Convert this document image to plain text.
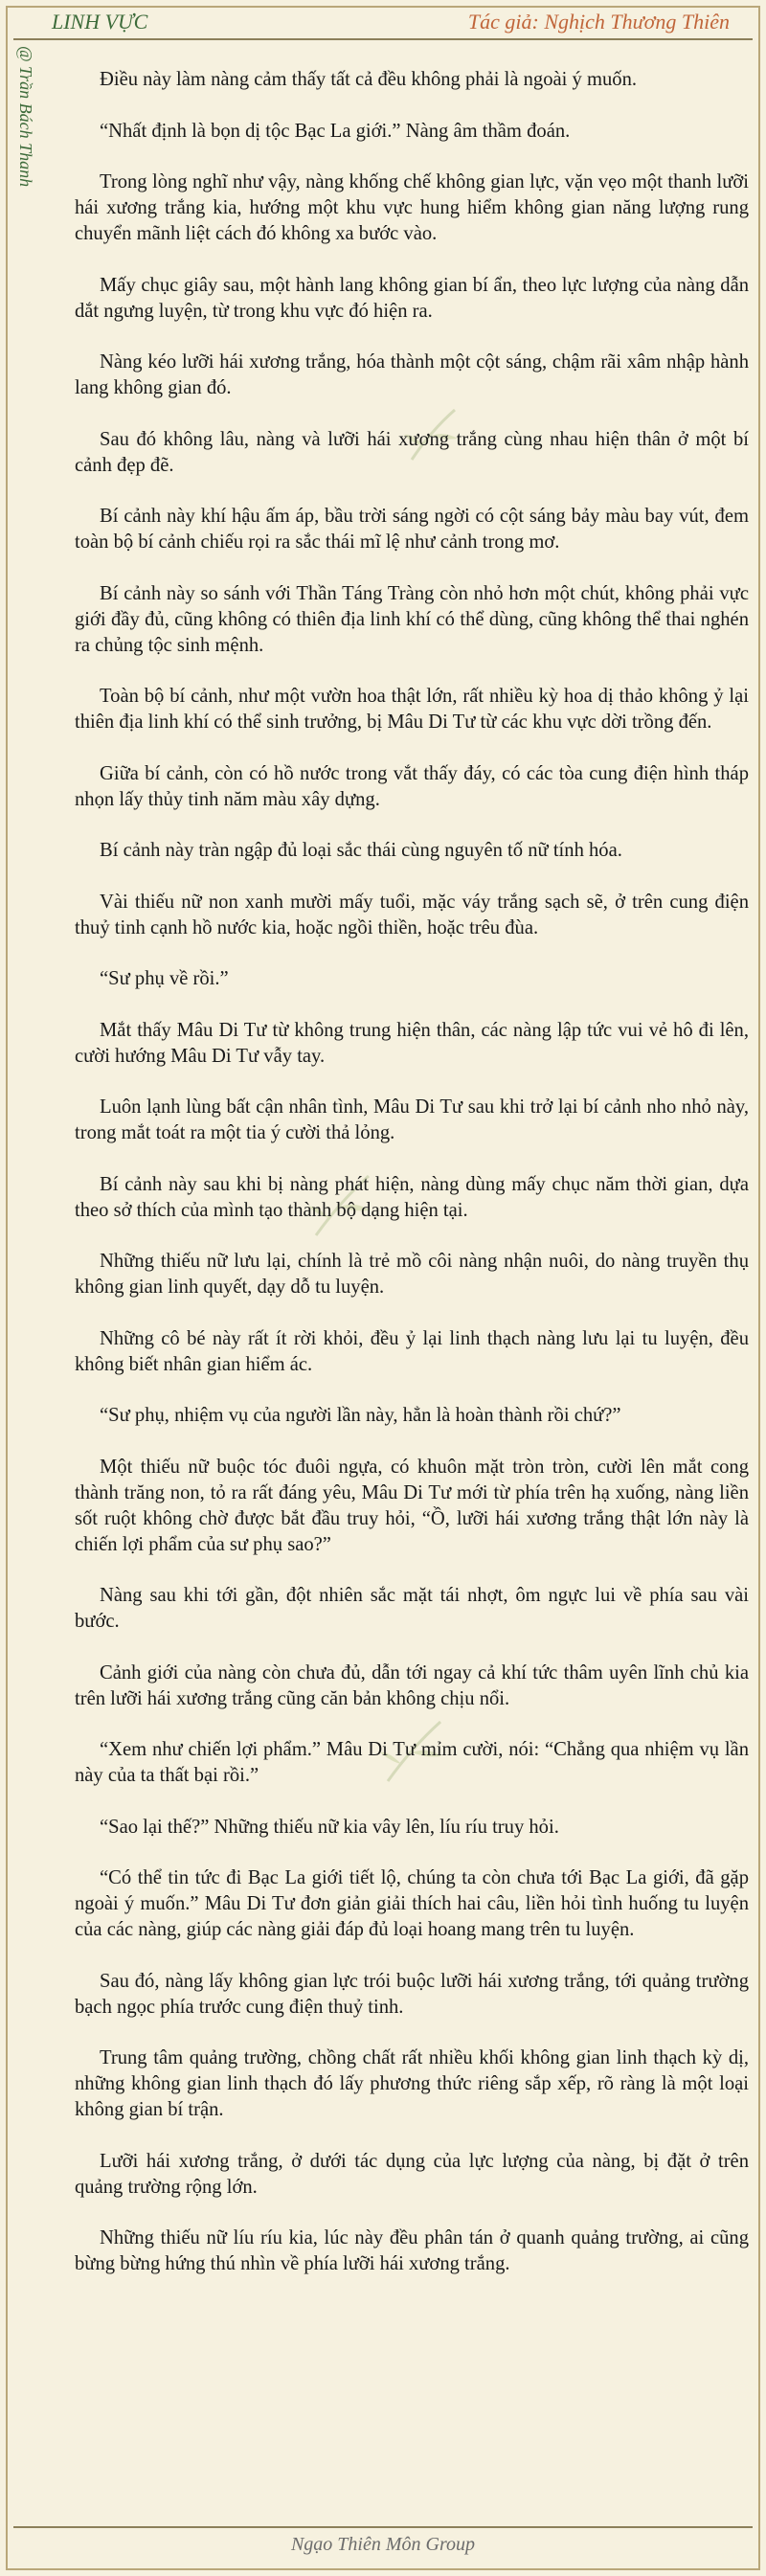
LINH VỰC	Tác giả: Nghịch Thương Thiên
@ Trần Bách Thanh	Điều này làm nàng cảm thấy tất cả đều không phải là ngoài ý muốn.

“Nhất định là bọn dị tộc Bạc La giới.” Nàng âm thầm đoán.

Trong lòng nghĩ như vậy, nàng khống chế không gian lực, vặn vẹo một thanh lưỡi hái xương trắng kia, hướng một khu vực hung hiểm không gian năng lượng rung chuyển mãnh liệt cách đó không xa bước vào.

Mấy chục giây sau, một hành lang không gian bí ẩn, theo lực lượng của nàng dẫn dắt ngưng luyện, từ trong khu vực đó hiện ra.

Nàng kéo lưỡi hái xương trắng, hóa thành một cột sáng, chậm rãi xâm nhập hành lang không gian đó.

Sau đó không lâu, nàng và lưỡi hái xương trắng cùng nhau hiện thân ở một bí cảnh đẹp đẽ.

Bí cảnh này khí hậu ấm áp, bầu trời sáng ngời có cột sáng bảy màu bay vút, đem toàn bộ bí cảnh chiếu rọi ra sắc thái mĩ lệ như cảnh trong mơ.

Bí cảnh này so sánh với Thần Táng Tràng còn nhỏ hơn một chút, không phải vực giới đầy đủ, cũng không có thiên địa linh khí có thể dùng, cũng không thể thai nghén ra chủng tộc sinh mệnh.

Toàn bộ bí cảnh, như một vườn hoa thật lớn, rất nhiều kỳ hoa dị thảo không ỷ lại thiên địa linh khí có thể sinh trưởng, bị Mâu Di Tư từ các khu vực dời trồng đến.

Giữa bí cảnh, còn có hồ nước trong vắt thấy đáy, có các tòa cung điện hình tháp nhọn lấy thủy tinh năm màu xây dựng.

Bí cảnh này tràn ngập đủ loại sắc thái cùng nguyên tố nữ tính hóa.

Vài thiếu nữ non xanh mười mấy tuổi, mặc váy trắng sạch sẽ, ở trên cung điện thuỷ tinh cạnh hồ nước kia, hoặc ngồi thiền, hoặc trêu đùa.

“Sư phụ về rồi.”

Mắt thấy Mâu Di Tư từ không trung hiện thân, các nàng lập tức vui vẻ hô đi lên, cười hướng Mâu Di Tư vẫy tay.

Luôn lạnh lùng bất cận nhân tình, Mâu Di Tư sau khi trở lại bí cảnh nho nhỏ này, trong mắt toát ra một tia ý cười thả lỏng.

Bí cảnh này sau khi bị nàng phát hiện, nàng dùng mấy chục năm thời gian, dựa theo sở thích của mình tạo thành bộ dạng hiện tại.

Những thiếu nữ lưu lại, chính là trẻ mồ côi nàng nhận nuôi, do nàng truyền thụ không gian linh quyết, dạy dỗ tu luyện.

Những cô bé này rất ít rời khỏi, đều ỷ lại linh thạch nàng lưu lại tu luyện, đều không biết nhân gian hiểm ác.

“Sư phụ, nhiệm vụ của người lần này, hẳn là hoàn thành rồi chứ?”

Một thiếu nữ buộc tóc đuôi ngựa, có khuôn mặt tròn tròn, cười lên mắt cong thành trăng non, tỏ ra rất đáng yêu, Mâu Di Tư mới từ phía trên hạ xuống, nàng liền sốt ruột không chờ được bắt đầu truy hỏi, “Ồ, lưỡi hái xương trắng thật lớn này là chiến lợi phẩm của sư phụ sao?”

Nàng sau khi tới gần, đột nhiên sắc mặt tái nhợt, ôm ngực lui về phía sau vài bước.

Cảnh giới của nàng còn chưa đủ, dẫn tới ngay cả khí tức thâm uyên lĩnh chủ kia trên lưỡi hái xương trắng cũng căn bản không chịu nổi.

“Xem như chiến lợi phẩm.” Mâu Di Tư mỉm cười, nói: “Chẳng qua nhiệm vụ lần này của ta thất bại rồi.”

“Sao lại thế?” Những thiếu nữ kia vây lên, líu ríu truy hỏi.

“Có thể tin tức đi Bạc La giới tiết lộ, chúng ta còn chưa tới Bạc La giới, đã gặp ngoài ý muốn.” Mâu Di Tư đơn giản giải thích hai câu, liền hỏi tình huống tu luyện của các nàng, giúp các nàng giải đáp đủ loại hoang mang trên tu luyện.

Sau đó, nàng lấy không gian lực trói buộc lưỡi hái xương trắng, tới quảng trường bạch ngọc phía trước cung điện thuỷ tinh.

Trung tâm quảng trường, chồng chất rất nhiều khối không gian linh thạch kỳ dị, những không gian linh thạch đó lấy phương thức riêng sắp xếp, rõ ràng là một loại không gian bí trận.

Lưỡi hái xương trắng, ở dưới tác dụng của lực lượng của nàng, bị đặt ở trên quảng trường rộng lớn.

Những thiếu nữ líu ríu kia, lúc này đều phân tán ở quanh quảng trường, ai cũng bừng bừng hứng thú nhìn về phía lưỡi hái xương trắng.

Ngạo Thiên Môn Group
